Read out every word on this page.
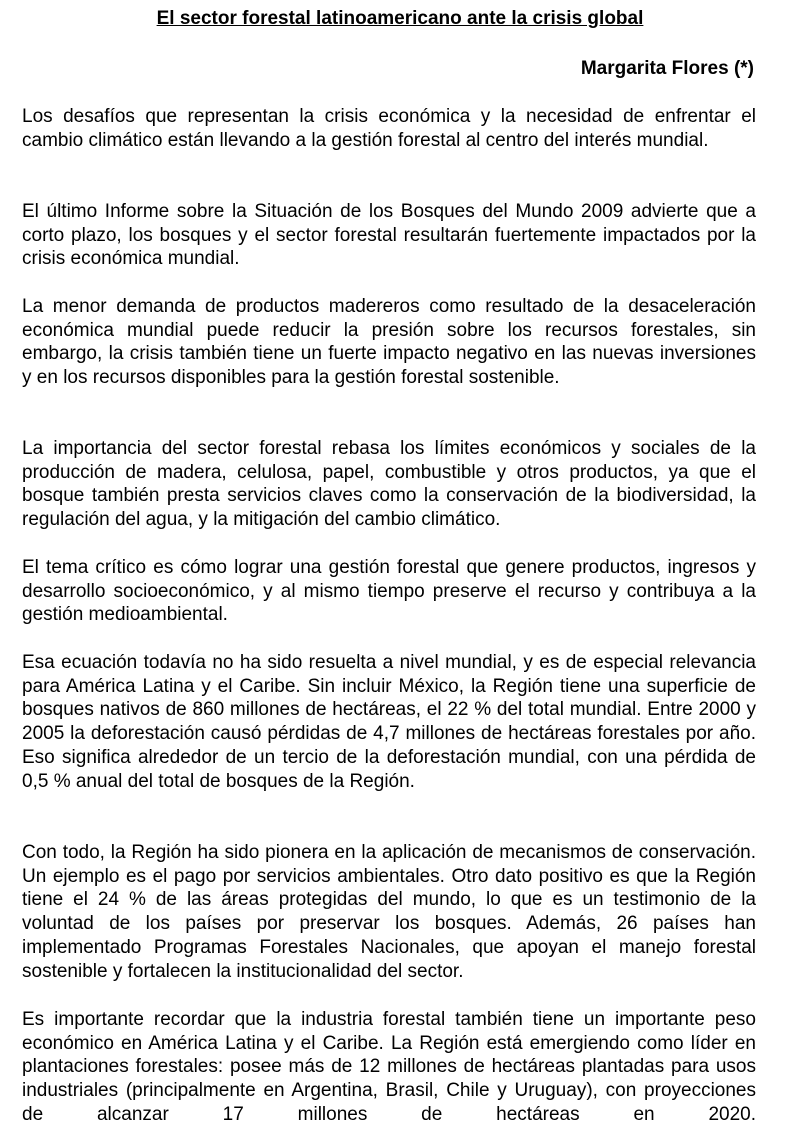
El sector forestal latinoamericano ante la crisis global
Margarita Flores (*)

Los desafíos que representan la crisis económica y la necesidad de enfrentar el cambio climático están llevando a la gestión forestal al centro del interés mundial.

El último Informe sobre la Situación de los Bosques del Mundo 2009 advierte que a corto plazo, los bosques y el sector forestal resultarán fuertemente impactados por la crisis económica mundial.

La menor demanda de productos madereros como resultado de la desaceleración económica mundial puede reducir la presión sobre los recursos forestales, sin embargo, la crisis también tiene un fuerte impacto negativo en las nuevas inversiones y en los recursos disponibles para la gestión forestal sostenible.

La importancia del sector forestal rebasa los límites económicos y sociales de la producción de madera, celulosa, papel, combustible y otros productos, ya que el bosque también presta servicios claves como la conservación de la biodiversidad, la regulación del agua, y la mitigación del cambio climático.

El tema crítico es cómo lograr una gestión forestal que genere productos, ingresos y desarrollo socioeconómico, y al mismo tiempo preserve el recurso y contribuya a la gestión medioambiental.

Esa ecuación todavía no ha sido resuelta a nivel mundial, y es de especial relevancia para América Latina y el Caribe. Sin incluir México, la Región tiene una superficie de bosques nativos de 860 millones de hectáreas, el 22 % del total mundial. Entre 2000 y 2005 la deforestación causó pérdidas de 4,7 millones de hectáreas forestales por año. Eso significa alrededor de un tercio de la deforestación mundial, con una pérdida de 0,5 % anual del total de bosques de la Región.

Con todo, la Región ha sido pionera en la aplicación de mecanismos de conservación. Un ejemplo es el pago por servicios ambientales. Otro dato positivo es que la Región tiene el 24 % de las áreas protegidas del mundo, lo que es un testimonio de la voluntad de los países por preservar los bosques. Además, 26 países han implementado Programas Forestales Nacionales, que apoyan el manejo forestal sostenible y fortalecen la institucionalidad del sector.

Es importante recordar que la industria forestal también tiene un importante peso económico en América Latina y el Caribe. La Región está emergiendo como líder en plantaciones forestales: posee más de 12 millones de hectáreas plantadas para usos industriales (principalmente en Argentina, Brasil, Chile y Uruguay), con proyecciones de alcanzar 17 millones de hectáreas en 2020.
